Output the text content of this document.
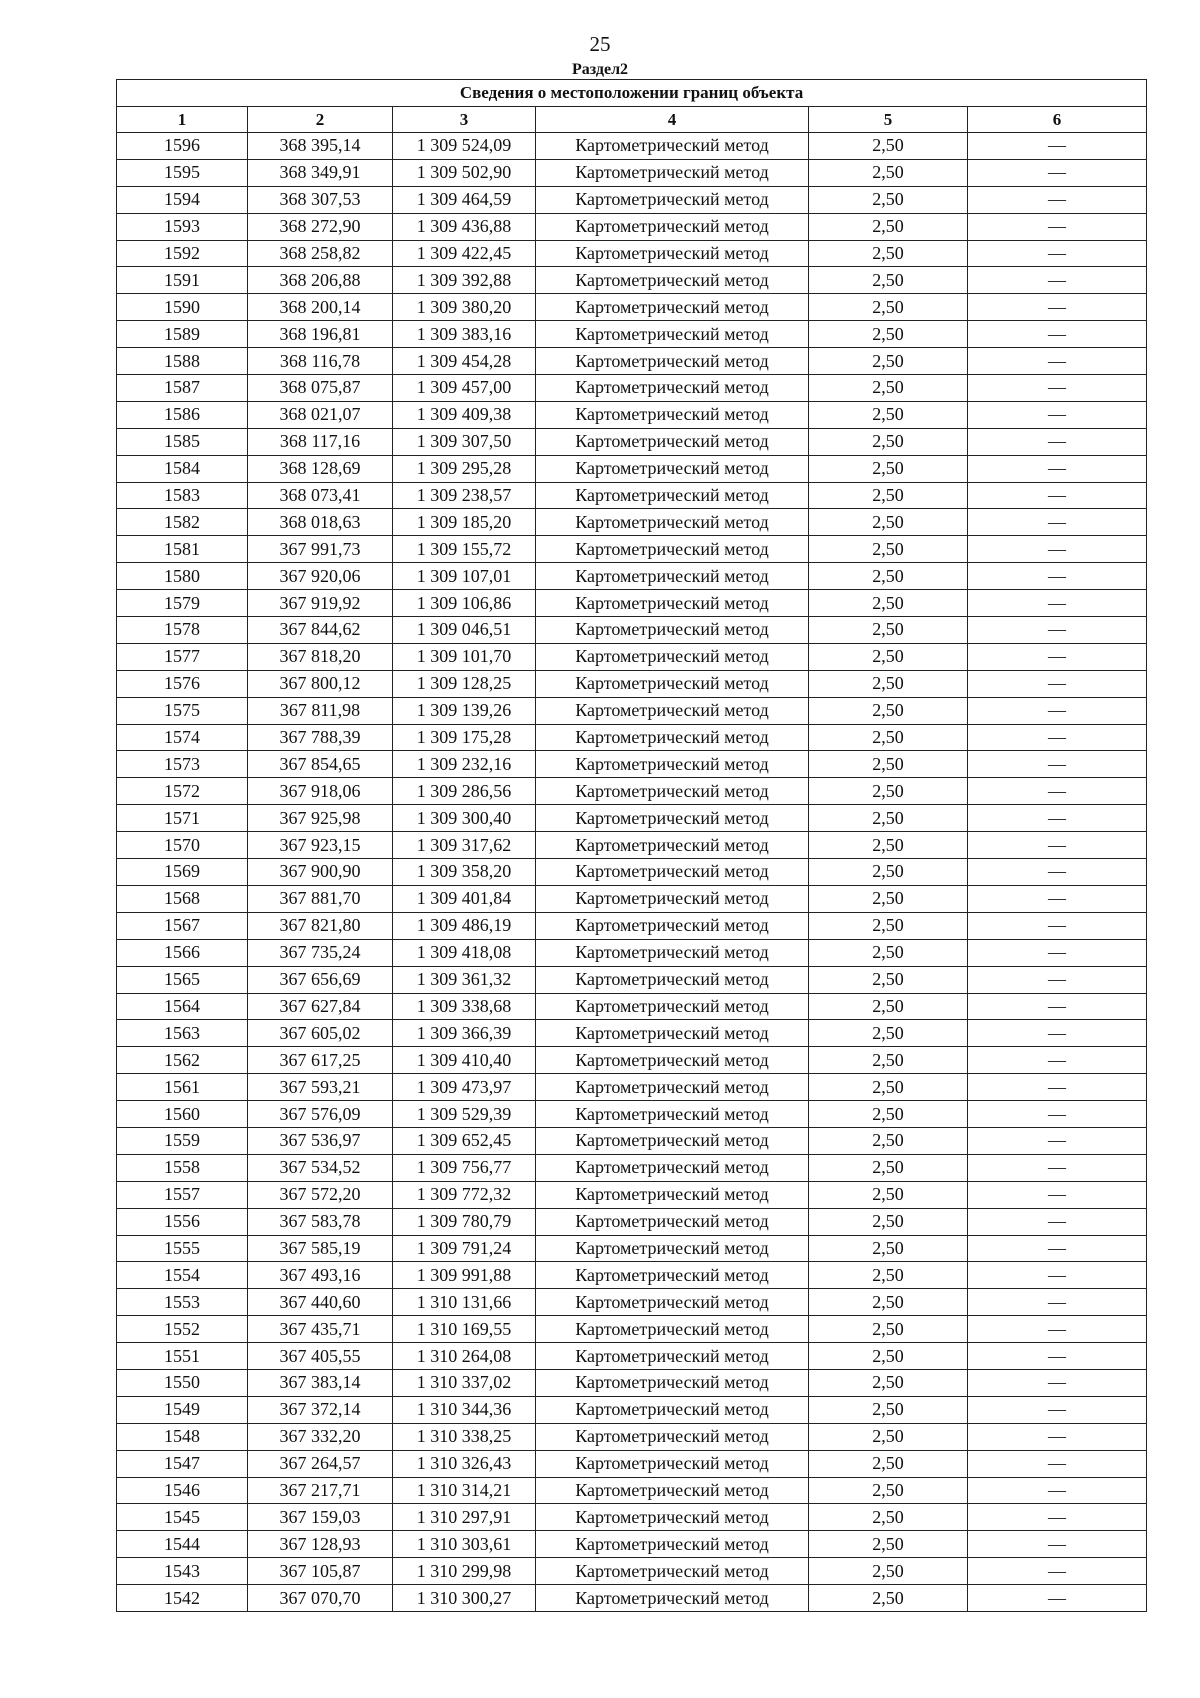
25
Раздел2
Сведения о местоположении границ объекта					
1	2	3	4	5	6
1596	368 395,14	1 309 524,09	Картометрический метод	2,50	—
1595	368 349,91	1 309 502,90	Картометрический метод	2,50	—
1594	368 307,53	1 309 464,59	Картометрический метод	2,50	—
1593	368 272,90	1 309 436,88	Картометрический метод	2,50	—
1592	368 258,82	1 309 422,45	Картометрический метод	2,50	—
1591	368 206,88	1 309 392,88	Картометрический метод	2,50	—
1590	368 200,14	1 309 380,20	Картометрический метод	2,50	—
1589	368 196,81	1 309 383,16	Картометрический метод	2,50	—
1588	368 116,78	1 309 454,28	Картометрический метод	2,50	—
1587	368 075,87	1 309 457,00	Картометрический метод	2,50	—
1586	368 021,07	1 309 409,38	Картометрический метод	2,50	—
1585	368 117,16	1 309 307,50	Картометрический метод	2,50	—
1584	368 128,69	1 309 295,28	Картометрический метод	2,50	—
1583	368 073,41	1 309 238,57	Картометрический метод	2,50	—
1582	368 018,63	1 309 185,20	Картометрический метод	2,50	—
1581	367 991,73	1 309 155,72	Картометрический метод	2,50	—
1580	367 920,06	1 309 107,01	Картометрический метод	2,50	—
1579	367 919,92	1 309 106,86	Картометрический метод	2,50	—
1578	367 844,62	1 309 046,51	Картометрический метод	2,50	—
1577	367 818,20	1 309 101,70	Картометрический метод	2,50	—
1576	367 800,12	1 309 128,25	Картометрический метод	2,50	—
1575	367 811,98	1 309 139,26	Картометрический метод	2,50	—
1574	367 788,39	1 309 175,28	Картометрический метод	2,50	—
1573	367 854,65	1 309 232,16	Картометрический метод	2,50	—
1572	367 918,06	1 309 286,56	Картометрический метод	2,50	—
1571	367 925,98	1 309 300,40	Картометрический метод	2,50	—
1570	367 923,15	1 309 317,62	Картометрический метод	2,50	—
1569	367 900,90	1 309 358,20	Картометрический метод	2,50	—
1568	367 881,70	1 309 401,84	Картометрический метод	2,50	—
1567	367 821,80	1 309 486,19	Картометрический метод	2,50	—
1566	367 735,24	1 309 418,08	Картометрический метод	2,50	—
1565	367 656,69	1 309 361,32	Картометрический метод	2,50	—
1564	367 627,84	1 309 338,68	Картометрический метод	2,50	—
1563	367 605,02	1 309 366,39	Картометрический метод	2,50	—
1562	367 617,25	1 309 410,40	Картометрический метод	2,50	—
1561	367 593,21	1 309 473,97	Картометрический метод	2,50	—
1560	367 576,09	1 309 529,39	Картометрический метод	2,50	—
1559	367 536,97	1 309 652,45	Картометрический метод	2,50	—
1558	367 534,52	1 309 756,77	Картометрический метод	2,50	—
1557	367 572,20	1 309 772,32	Картометрический метод	2,50	—
1556	367 583,78	1 309 780,79	Картометрический метод	2,50	—
1555	367 585,19	1 309 791,24	Картометрический метод	2,50	—
1554	367 493,16	1 309 991,88	Картометрический метод	2,50	—
1553	367 440,60	1 310 131,66	Картометрический метод	2,50	—
1552	367 435,71	1 310 169,55	Картометрический метод	2,50	—
1551	367 405,55	1 310 264,08	Картометрический метод	2,50	—
1550	367 383,14	1 310 337,02	Картометрический метод	2,50	—
1549	367 372,14	1 310 344,36	Картометрический метод	2,50	—
1548	367 332,20	1 310 338,25	Картометрический метод	2,50	—
1547	367 264,57	1 310 326,43	Картометрический метод	2,50	—
1546	367 217,71	1 310 314,21	Картометрический метод	2,50	—
1545	367 159,03	1 310 297,91	Картометрический метод	2,50	—
1544	367 128,93	1 310 303,61	Картометрический метод	2,50	—
1543	367 105,87	1 310 299,98	Картометрический метод	2,50	—
1542	367 070,70	1 310 300,27	Картометрический метод	2,50	—
